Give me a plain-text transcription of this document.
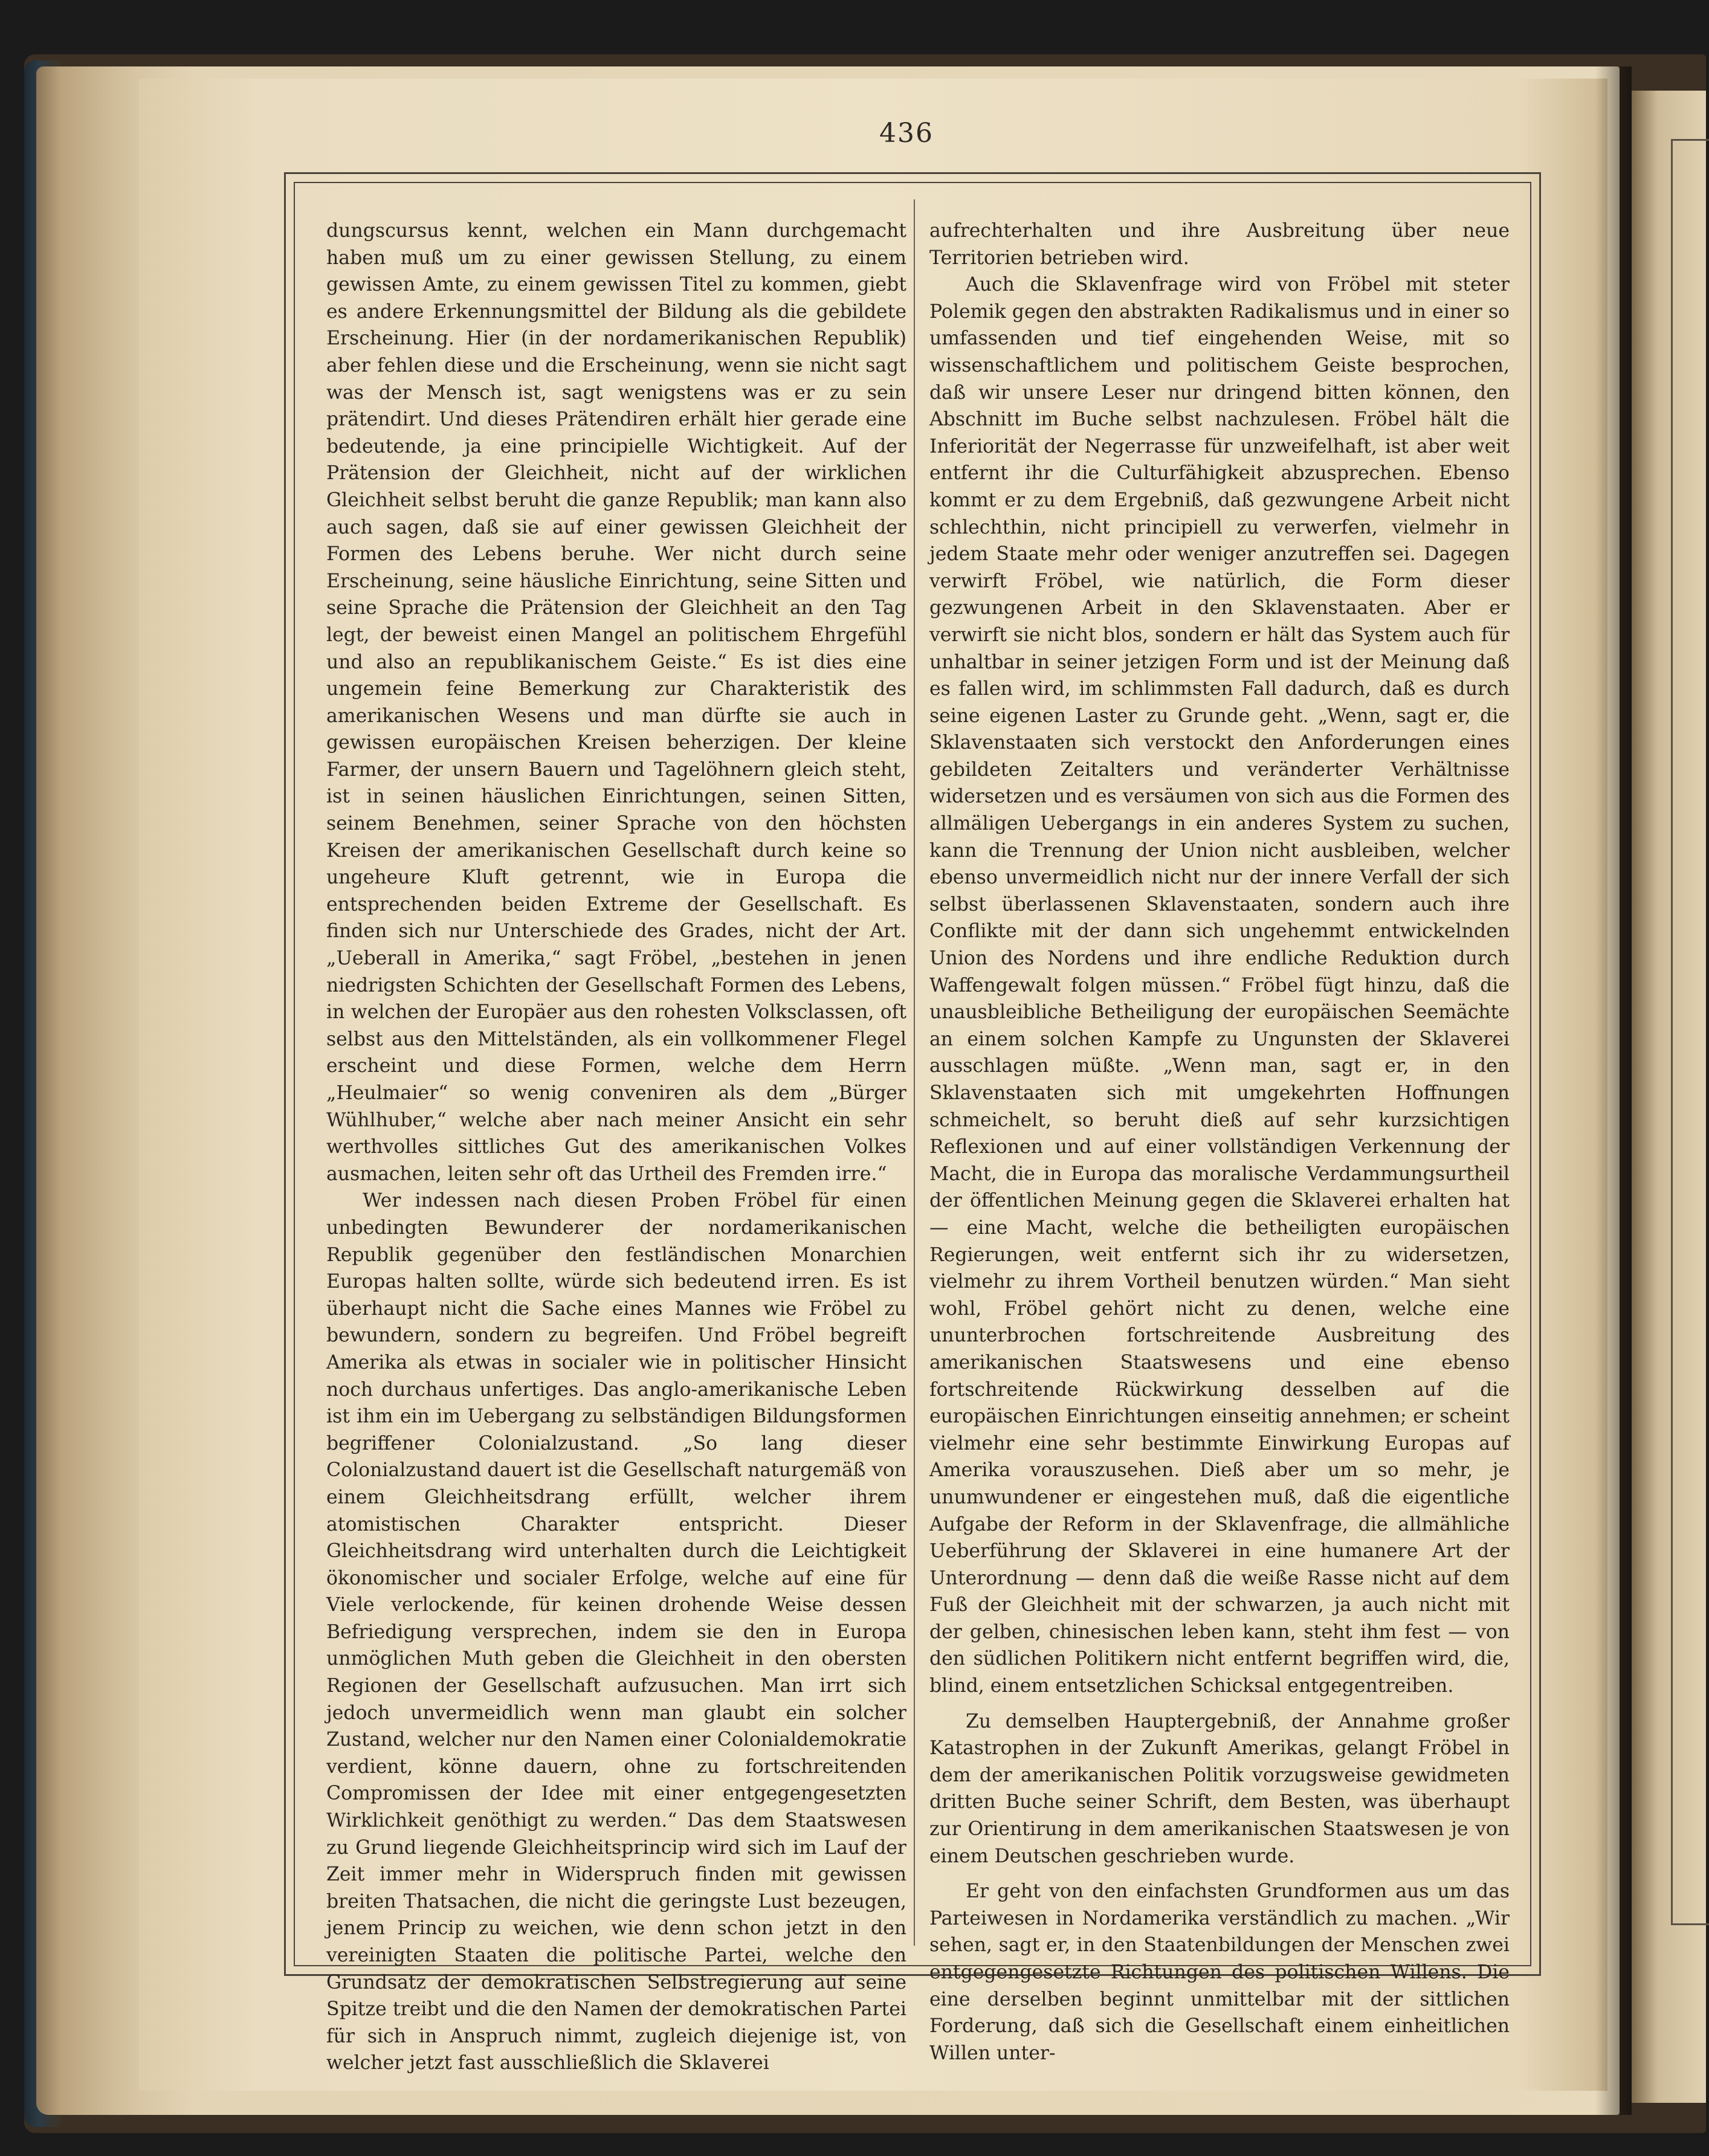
436

dungscursus kennt, welchen ein Mann durchgemacht haben muß um zu einer gewissen Stellung, zu einem gewissen Amte, zu einem gewissen Titel zu kommen, giebt es andere Erkennungsmittel der Bildung als die gebildete Erscheinung. Hier (in der nordamerikanischen Republik) aber fehlen diese und die Erscheinung, wenn sie nicht sagt was der Mensch ist, sagt wenigstens was er zu sein prätendirt. Und dieses Prätendiren erhält hier gerade eine bedeutende, ja eine principielle Wichtigkeit. Auf der Prätension der Gleichheit, nicht auf der wirklichen Gleichheit selbst beruht die ganze Republik; man kann also auch sagen, daß sie auf einer gewissen Gleichheit der Formen des Lebens beruhe. Wer nicht durch seine Erscheinung, seine häusliche Einrichtung, seine Sitten und seine Sprache die Prätension der Gleichheit an den Tag legt, der beweist einen Mangel an politischem Ehrgefühl und also an republikanischem Geiste.“ Es ist dies eine ungemein feine Bemerkung zur Charakteristik des amerikanischen Wesens und man dürfte sie auch in gewissen europäischen Kreisen beherzigen. Der kleine Farmer, der unsern Bauern und Tagelöhnern gleich steht, ist in seinen häuslichen Einrichtungen, seinen Sitten, seinem Benehmen, seiner Sprache von den höchsten Kreisen der amerikanischen Gesellschaft durch keine so ungeheure Kluft getrennt, wie in Europa die entsprechenden beiden Extreme der Gesellschaft. Es finden sich nur Unterschiede des Grades, nicht der Art. „Ueberall in Amerika,“ sagt Fröbel, „bestehen in jenen niedrigsten Schichten der Gesellschaft Formen des Lebens, in welchen der Europäer aus den rohesten Volksclassen, oft selbst aus den Mittelständen, als ein vollkommener Flegel erscheint und diese Formen, welche dem Herrn „Heulmaier“ so wenig conveniren als dem „Bürger Wühlhuber,“ welche aber nach meiner Ansicht ein sehr werthvolles sittliches Gut des amerikanischen Volkes ausmachen, leiten sehr oft das Urtheil des Fremden irre.“

Wer indessen nach diesen Proben Fröbel für einen unbedingten Bewunderer der nordamerikanischen Republik gegenüber den festländischen Monarchien Europas halten sollte, würde sich bedeutend irren. Es ist überhaupt nicht die Sache eines Mannes wie Fröbel zu bewundern, sondern zu begreifen. Und Fröbel begreift Amerika als etwas in socialer wie in politischer Hinsicht noch durchaus unfertiges. Das anglo-amerikanische Leben ist ihm ein im Uebergang zu selbständigen Bildungsformen begriffener Colonialzustand. „So lang dieser Colonialzustand dauert ist die Gesellschaft naturgemäß von einem Gleichheitsdrang erfüllt, welcher ihrem atomistischen Charakter entspricht. Dieser Gleichheitsdrang wird unterhalten durch die Leichtigkeit ökonomischer und socialer Erfolge, welche auf eine für Viele verlockende, für keinen drohende Weise dessen Befriedigung versprechen, indem sie den in Europa unmöglichen Muth geben die Gleichheit in den obersten Regionen der Gesellschaft aufzusuchen. Man irrt sich jedoch unvermeidlich wenn man glaubt ein solcher Zustand, welcher nur den Namen einer Colonialdemokratie verdient, könne dauern, ohne zu fortschreitenden Compromissen der Idee mit einer entgegengesetzten Wirklichkeit genöthigt zu werden.“ Das dem Staatswesen zu Grund liegende Gleichheitsprincip wird sich im Lauf der Zeit immer mehr in Widerspruch finden mit gewissen breiten Thatsachen, die nicht die geringste Lust bezeugen, jenem Princip zu weichen, wie denn schon jetzt in den vereinigten Staaten die politische Partei, welche den Grundsatz der demokratischen Selbstregierung auf seine Spitze treibt und die den Namen der demokratischen Partei für sich in Anspruch nimmt, zugleich diejenige ist, von welcher jetzt fast ausschließlich die Sklaverei

aufrechterhalten und ihre Ausbreitung über neue Territorien betrieben wird.

Auch die Sklavenfrage wird von Fröbel mit steter Polemik gegen den abstrakten Radikalismus und in einer so umfassenden und tief eingehenden Weise, mit so wissenschaftlichem und politischem Geiste besprochen, daß wir unsere Leser nur dringend bitten können, den Abschnitt im Buche selbst nachzulesen. Fröbel hält die Inferiorität der Negerrasse für unzweifelhaft, ist aber weit entfernt ihr die Culturfähigkeit abzusprechen. Ebenso kommt er zu dem Ergebniß, daß gezwungene Arbeit nicht schlechthin, nicht principiell zu verwerfen, vielmehr in jedem Staate mehr oder weniger anzutreffen sei. Dagegen verwirft Fröbel, wie natürlich, die Form dieser gezwungenen Arbeit in den Sklavenstaaten. Aber er verwirft sie nicht blos, sondern er hält das System auch für unhaltbar in seiner jetzigen Form und ist der Meinung daß es fallen wird, im schlimmsten Fall dadurch, daß es durch seine eigenen Laster zu Grunde geht. „Wenn, sagt er, die Sklavenstaaten sich verstockt den Anforderungen eines gebildeten Zeitalters und veränderter Verhältnisse widersetzen und es versäumen von sich aus die Formen des allmäligen Uebergangs in ein anderes System zu suchen, kann die Trennung der Union nicht ausbleiben, welcher ebenso unvermeidlich nicht nur der innere Verfall der sich selbst überlassenen Sklavenstaaten, sondern auch ihre Conflikte mit der dann sich ungehemmt entwickelnden Union des Nordens und ihre endliche Reduktion durch Waffengewalt folgen müssen.“ Fröbel fügt hinzu, daß die unausbleibliche Betheiligung der europäischen Seemächte an einem solchen Kampfe zu Ungunsten der Sklaverei ausschlagen müßte. „Wenn man, sagt er, in den Sklavenstaaten sich mit umgekehrten Hoffnungen schmeichelt, so beruht dieß auf sehr kurzsichtigen Reflexionen und auf einer vollständigen Verkennung der Macht, die in Europa das moralische Verdammungsurtheil der öffentlichen Meinung gegen die Sklaverei erhalten hat — eine Macht, welche die betheiligten europäischen Regierungen, weit entfernt sich ihr zu widersetzen, vielmehr zu ihrem Vortheil benutzen würden.“ Man sieht wohl, Fröbel gehört nicht zu denen, welche eine ununterbrochen fortschreitende Ausbreitung des amerikanischen Staatswesens und eine ebenso fortschreitende Rückwirkung desselben auf die europäischen Einrichtungen einseitig annehmen; er scheint vielmehr eine sehr bestimmte Einwirkung Europas auf Amerika vorauszusehen. Dieß aber um so mehr, je unumwundener er eingestehen muß, daß die eigentliche Aufgabe der Reform in der Sklavenfrage, die allmähliche Ueberführung der Sklaverei in eine humanere Art der Unterordnung — denn daß die weiße Rasse nicht auf dem Fuß der Gleichheit mit der schwarzen, ja auch nicht mit der gelben, chinesischen leben kann, steht ihm fest — von den südlichen Politikern nicht entfernt begriffen wird, die, blind, einem entsetzlichen Schicksal entgegentreiben.

Zu demselben Hauptergebniß, der Annahme großer Katastrophen in der Zukunft Amerikas, gelangt Fröbel in dem der amerikanischen Politik vorzugsweise gewidmeten dritten Buche seiner Schrift, dem Besten, was überhaupt zur Orientirung in dem amerikanischen Staatswesen je von einem Deutschen geschrieben wurde.

Er geht von den einfachsten Grundformen aus um das Parteiwesen in Nordamerika verständlich zu machen. „Wir sehen, sagt er, in den Staatenbildungen der Menschen zwei entgegengesetzte Richtungen des politischen Willens. Die eine derselben beginnt unmittelbar mit der sittlichen Forderung, daß sich die Gesellschaft einem einheitlichen Willen unter-
